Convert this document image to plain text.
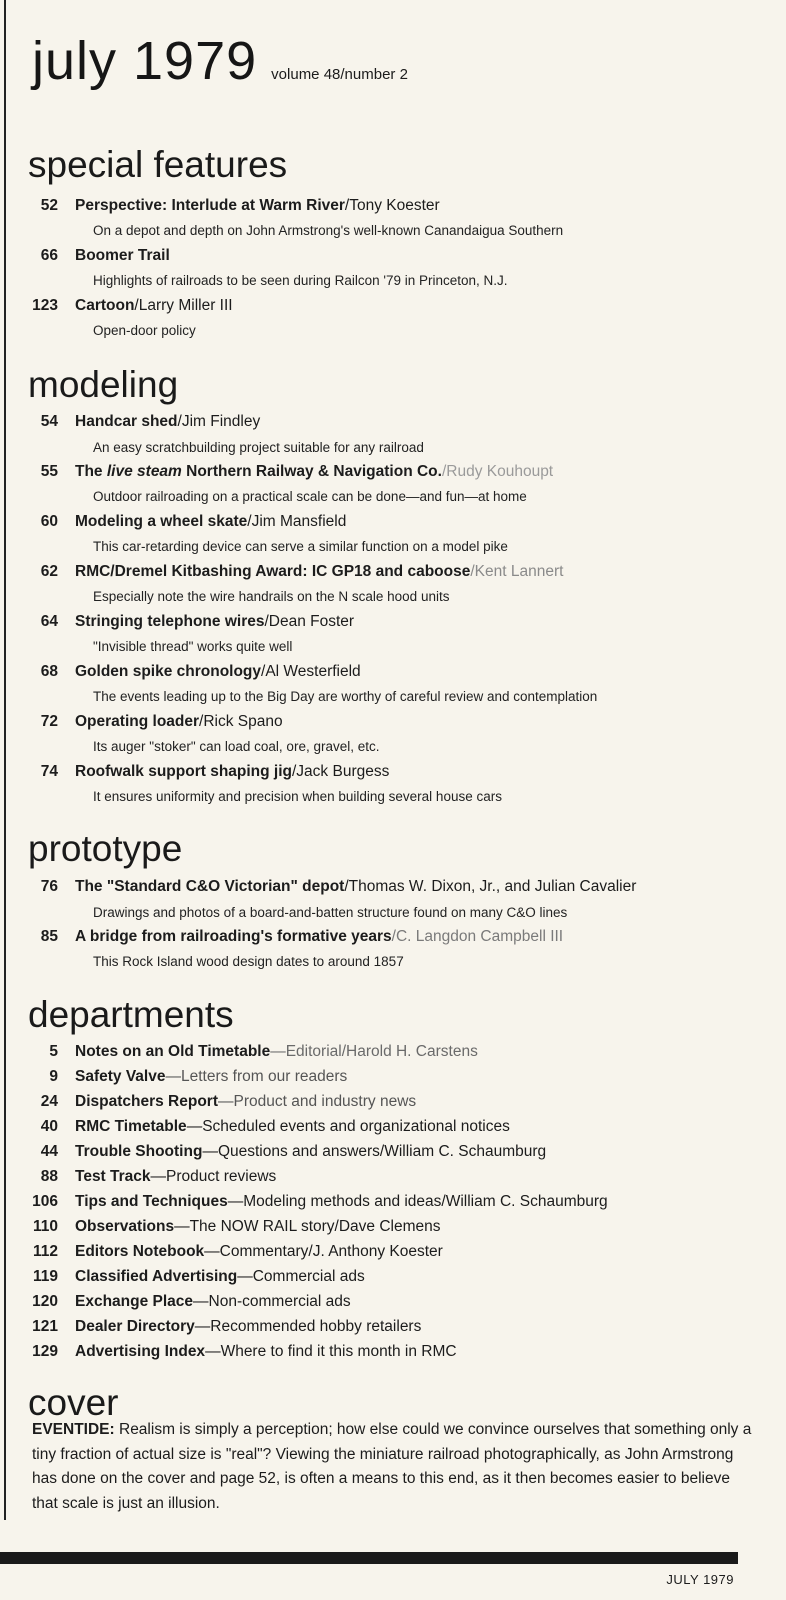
july 1979 volume 48/number 2
special features
52 Perspective: Interlude at Warm River/Tony Koester
On a depot and depth on John Armstrong's well-known Canandaigua Southern
66 Boomer Trail
Highlights of railroads to be seen during Railcon '79 in Princeton, N.J.
123 Cartoon/Larry Miller III
Open-door policy
modeling
54 Handcar shed/Jim Findley
An easy scratchbuilding project suitable for any railroad
55 The live steam Northern Railway & Navigation Co./Rudy Kouhoupt
Outdoor railroading on a practical scale can be done—and fun—at home
60 Modeling a wheel skate/Jim Mansfield
This car-retarding device can serve a similar function on a model pike
62 RMC/Dremel Kitbashing Award: IC GP18 and caboose/Kent Lannert
Especially note the wire handrails on the N scale hood units
64 Stringing telephone wires/Dean Foster
"Invisible thread" works quite well
68 Golden spike chronology/Al Westerfield
The events leading up to the Big Day are worthy of careful review and contemplation
72 Operating loader/Rick Spano
Its auger "stoker" can load coal, ore, gravel, etc.
74 Roofwalk support shaping jig/Jack Burgess
It ensures uniformity and precision when building several house cars
prototype
76 The "Standard C&O Victorian" depot/Thomas W. Dixon, Jr., and Julian Cavalier
Drawings and photos of a board-and-batten structure found on many C&O lines
85 A bridge from railroading's formative years/C. Langdon Campbell III
This Rock Island wood design dates to around 1857
departments
5 Notes on an Old Timetable—Editorial/Harold H. Carstens
9 Safety Valve—Letters from our readers
24 Dispatchers Report—Product and industry news
40 RMC Timetable—Scheduled events and organizational notices
44 Trouble Shooting—Questions and answers/William C. Schaumburg
88 Test Track—Product reviews
106 Tips and Techniques—Modeling methods and ideas/William C. Schaumburg
110 Observations—The NOW RAIL story/Dave Clemens
112 Editors Notebook—Commentary/J. Anthony Koester
119 Classified Advertising—Commercial ads
120 Exchange Place—Non-commercial ads
121 Dealer Directory—Recommended hobby retailers
129 Advertising Index—Where to find it this month in RMC
cover
EVENTIDE: Realism is simply a perception; how else could we convince ourselves that something only a tiny fraction of actual size is "real"? Viewing the miniature railroad photographically, as John Armstrong has done on the cover and page 52, is often a means to this end, as it then becomes easier to believe that scale is just an illusion.
JULY 1979
